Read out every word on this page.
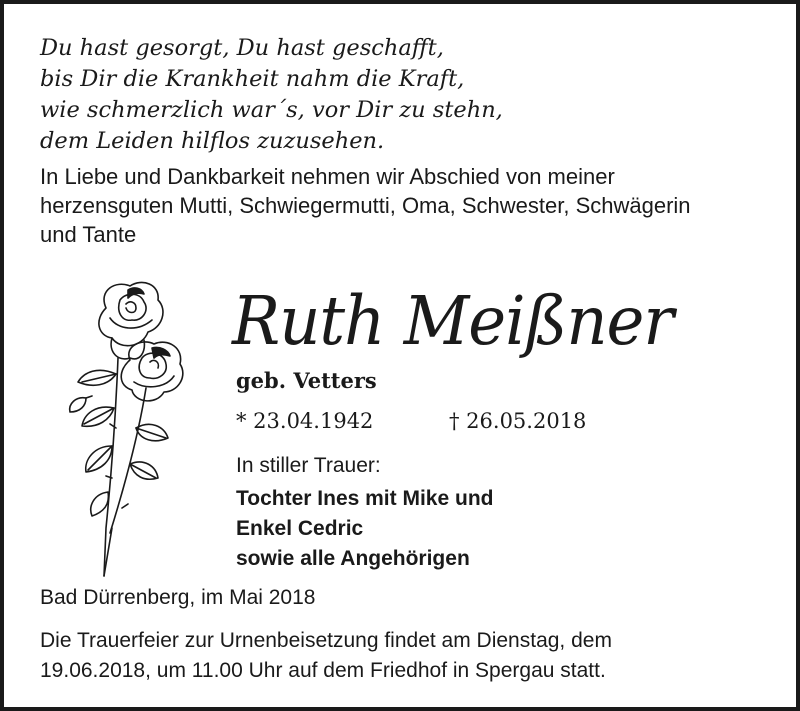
Du hast gesorgt, Du hast geschafft,
bis Dir die Krankheit nahm die Kraft,
wie schmerzlich war´s, vor Dir zu stehn,
dem Leiden hilflos zuzusehen.
In Liebe und Dankbarkeit nehmen wir Abschied von meiner
herzensguten Mutti, Schwiegermutti, Oma, Schwester, Schwägerin
und Tante
Ruth Meißner
geb. Vetters
* 23.04.1942	† 26.05.2018
In stiller Trauer:
Tochter Ines mit Mike und
Enkel Cedric
sowie alle Angehörigen
Bad Dürrenberg, im Mai 2018
Die Trauerfeier zur Urnenbeisetzung findet am Dienstag, dem
19.06.2018, um 11.00 Uhr auf dem Friedhof in Spergau statt.
